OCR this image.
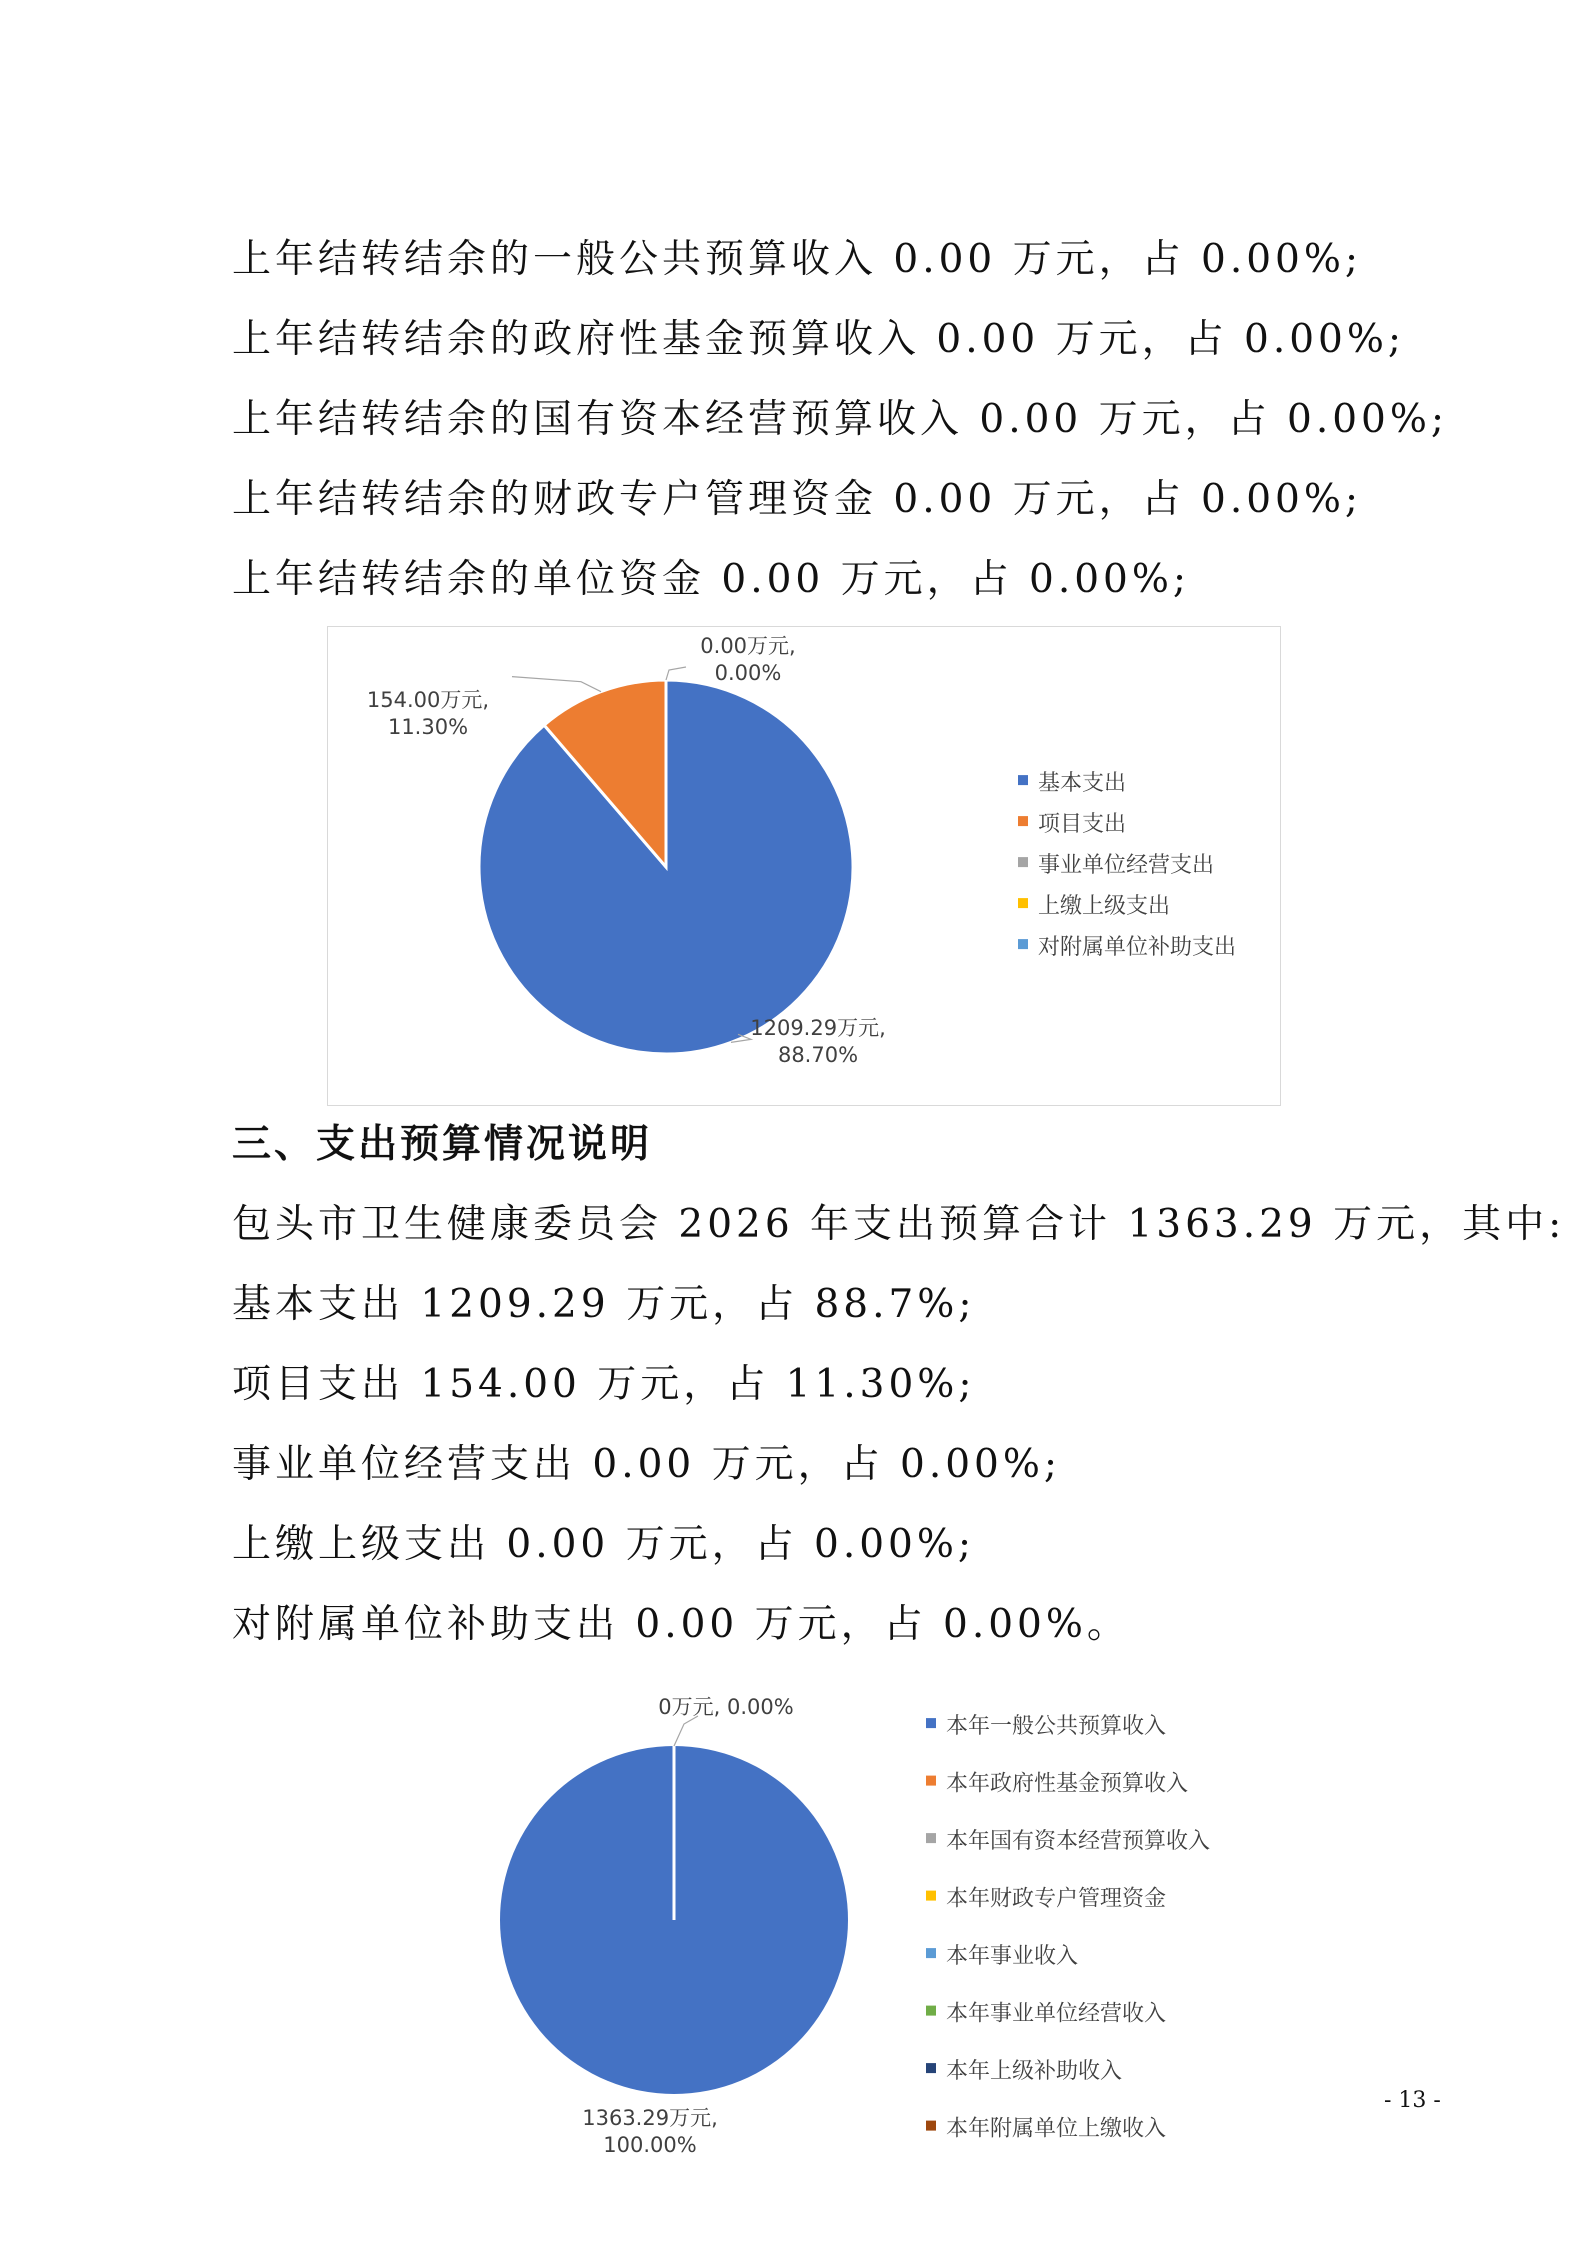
上年结转结余的一般公共预算收入 0.00 万元，占 0.00%;
上年结转结余的政府性基金预算收入 0.00 万元，占 0.00%;
上年结转结余的国有资本经营预算收入 0.00 万元，占 0.00%;
上年结转结余的财政专户管理资金 0.00 万元，占 0.00%;
上年结转结余的单位资金 0.00 万元，占 0.00%;
1209.29万元,
88.70%
154.00万元,
11.30%
0.00万元,
0.00%
基本支出
项目支出
事业单位经营支出
上缴上级支出
对附属单位补助支出
三、支出预算情况说明
包头市卫生健康委员会 2026 年支出预算合计 1363.29 万元，其中:
基本支出 1209.29 万元，占 88.7%;
项目支出 154.00 万元，占 11.30%;
事业单位经营支出 0.00 万元，占 0.00%;
上缴上级支出 0.00 万元，占 0.00%;
对附属单位补助支出 0.00 万元，占 0.00%。
0万元, 0.00%
1363.29万元,
100.00%
本年一般公共预算收入
本年政府性基金预算收入
本年国有资本经营预算收入
本年财政专户管理资金
本年事业收入
本年事业单位经营收入
本年上级补助收入
本年附属单位上缴收入
- 13 -
